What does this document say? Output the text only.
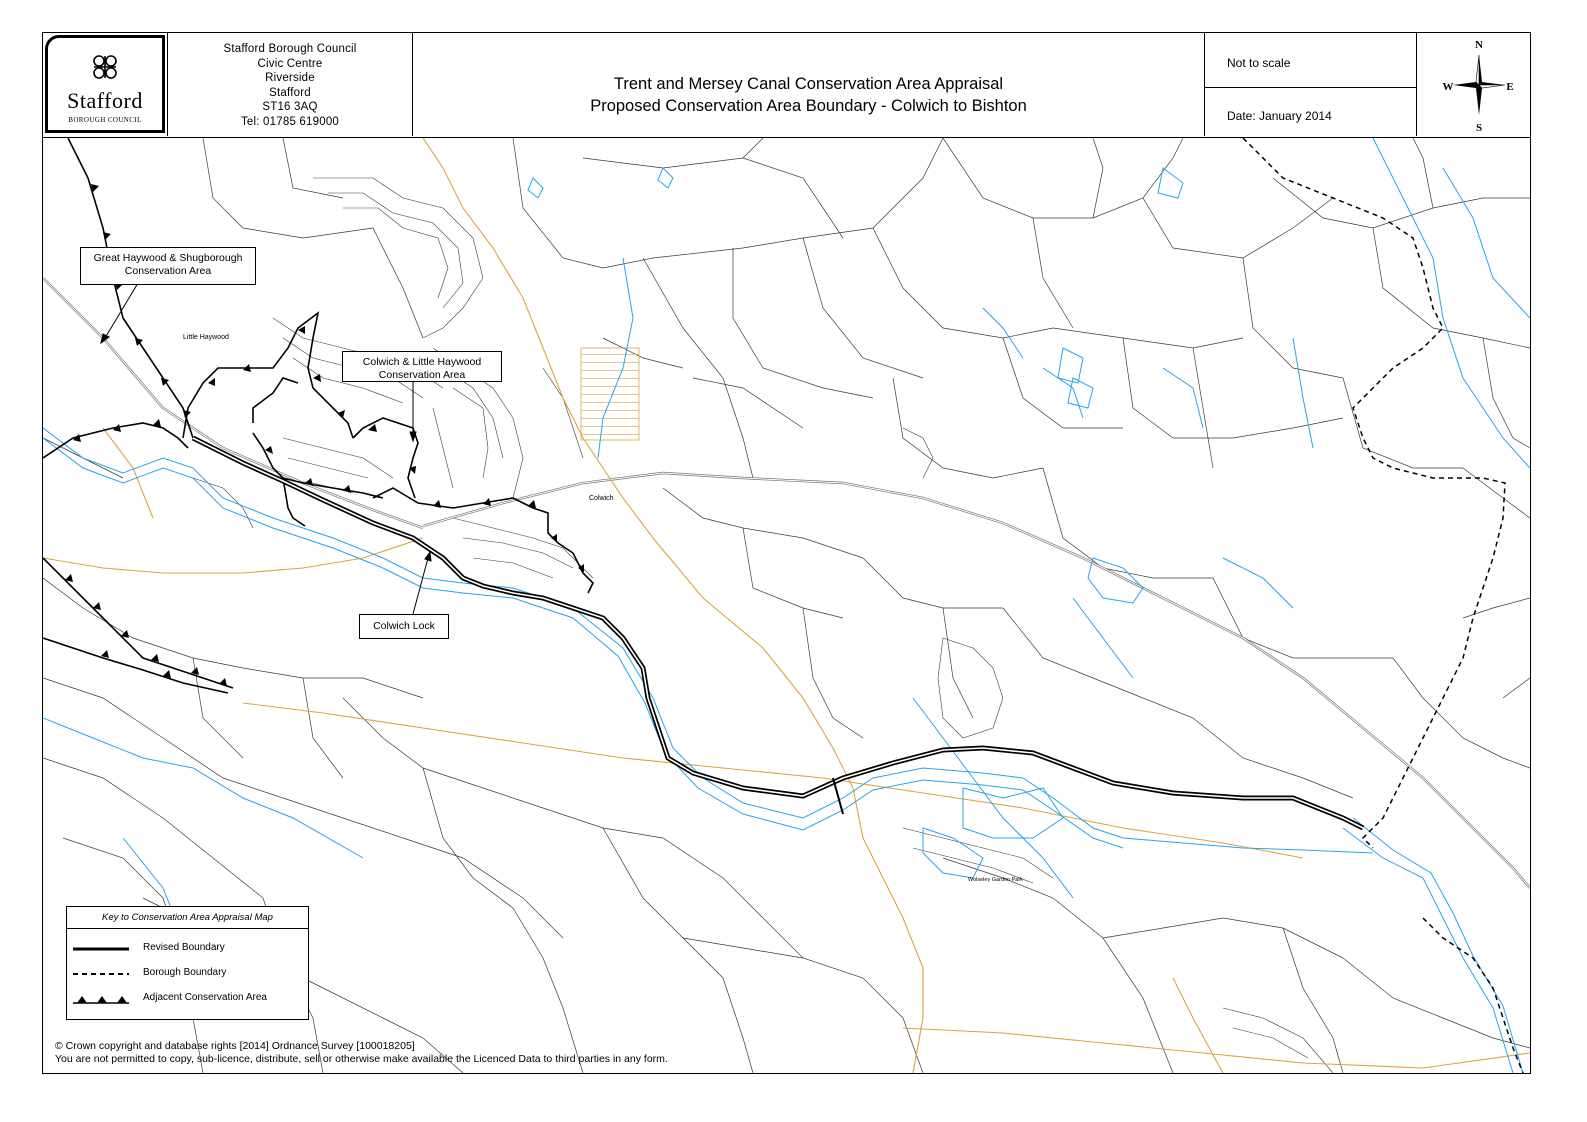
Stafford
BOROUGH COUNCIL
Stafford Borough Council
Civic Centre
Riverside
Stafford
ST16 3AQ
Tel: 01785 619000
Trent and Mersey Canal Conservation Area Appraisal
Proposed Conservation Area Boundary - Colwich to Bishton
Not to scale
Date: January 2014
N
S
W	E
Little Haywood
Colwich
Wolseley Garden Park
Great Haywood & Shugborough Conservation Area
Colwich & Little Haywood Conservation Area
Colwich Lock
Key to Conservation Area Appraisal Map
Revised Boundary
Borough Boundary
Adjacent Conservation Area
© Crown copyright and database rights [2014] Ordnance Survey [100018205]
You are not permitted to copy, sub-licence, distribute, sell or otherwise make available the Licenced Data to third parties in any form.
